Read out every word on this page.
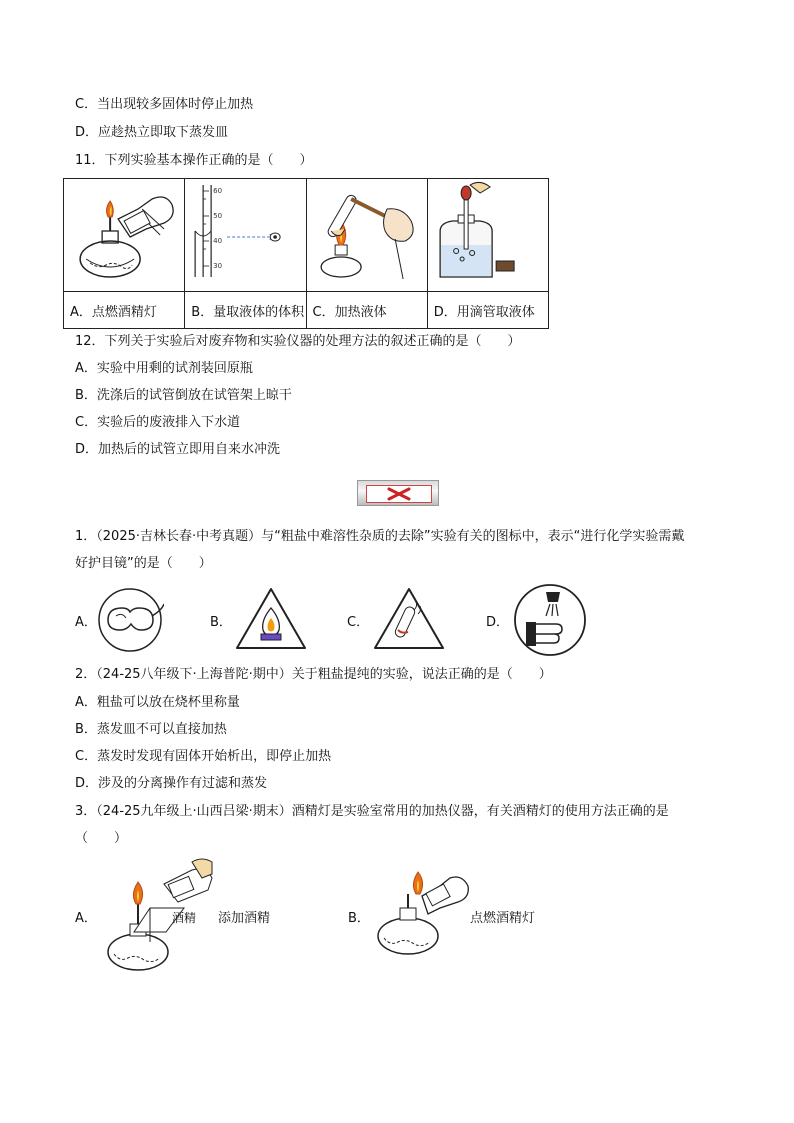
C．当出现较多固体时停止加热
D．应趁热立即取下蒸发皿
11．下列实验基本操作正确的是（　　）

60
50
40
30

A．点燃酒精灯	B．量取液体的体积	C．加热液体	D．用滴管取液体
12．下列关于实验后对废弃物和实验仪器的处理方法的叙述正确的是（　　）
A．实验中用剩的试剂装回原瓶
B．洗涤后的试管倒放在试管架上晾干
C．实验后的废液排入下水道
D．加热后的试管立即用自来水冲洗
1．（2025·吉林长春·中考真题）与“粗盐中难溶性杂质的去除”实验有关的图标中，表示“进行化学实验需戴
好护目镜”的是（　　）
A．	B．	C．	D．
2．（24-25八年级下·上海普陀·期中）关于粗盐提纯的实验，说法正确的是（　　）
A．粗盐可以放在烧杯里称量
B．蒸发皿不可以直接加热
C．蒸发时发现有固体开始析出，即停止加热
D．涉及的分离操作有过滤和蒸发
3．（24-25九年级上·山西吕梁·期末）酒精灯是实验室常用的加热仪器，有关酒精灯的使用方法正确的是
（　　）
A．	酒精 添加酒精	B．	点燃酒精灯
